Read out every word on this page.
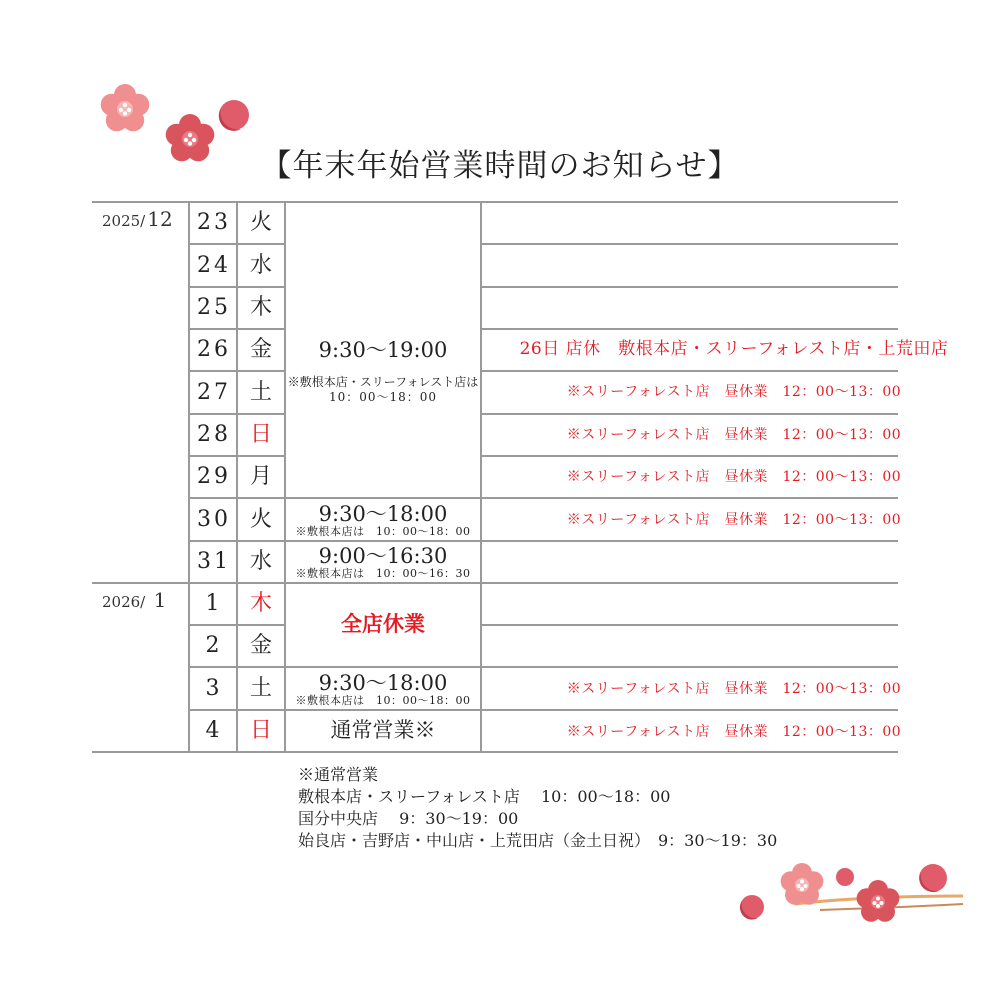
【年末年始営業時間のお知らせ】
2025/ 12
2026/ 1
23
24
25
26
27
28
29
30
31
1
2
3
4
火
水
木
金
土
日
月
火
水
木
金
土
日
9:30～19:00
※敷根本店・スリーフォレスト店は
10：00～18：00
9:30～18:00
※敷根本店は　10：00～18：00
9:00～16:30
※敷根本店は　10：00～16：30
全店休業
9:30～18:00
※敷根本店は　10：00～18：00
通常営業※
26日 店休　敷根本店・スリーフォレスト店・上荒田店
※スリーフォレスト店　昼休業　12：00～13：00
※スリーフォレスト店　昼休業　12：00～13：00
※スリーフォレスト店　昼休業　12：00～13：00
※スリーフォレスト店　昼休業　12：00～13：00
※スリーフォレスト店　昼休業　12：00～13：00
※スリーフォレスト店　昼休業　12：00～13：00
※通常営業
敷根本店・スリーフォレスト店　 10：00～18：00
国分中央店　 9：30～19：00
始良店・吉野店・中山店・上荒田店（金土日祝）　9：30～19：30
